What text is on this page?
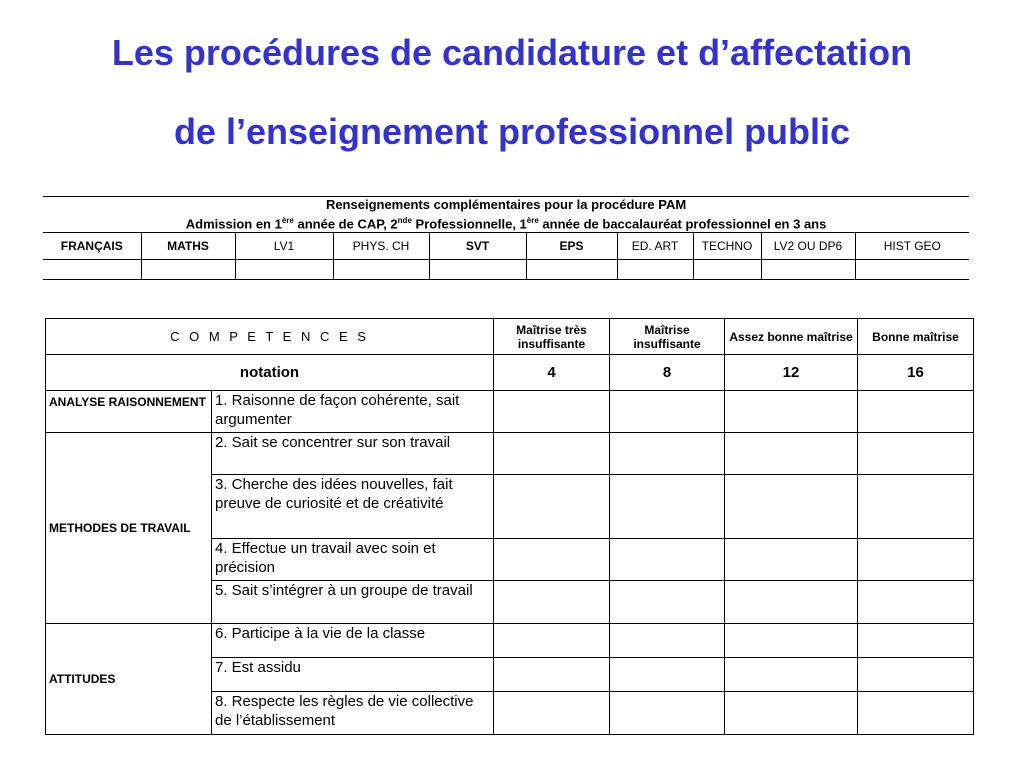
Les procédures de candidature et d’affectation
de l’enseignement professionnel public
Renseignements complémentaires pour la procédure PAM
Admission en 1ère année de CAP, 2nde Professionnelle, 1ère année de baccalauréat professionnel en 3 ans									

FRANÇAIS	MATHS	LV1	PHYS. CH	SVT	EPS	ED. ART	TECHNO	LV2 OU DP6	HIST GEO

C O M P E T E N C E S		Maîtrise très insuffisante	Maîtrise insuffisante	Assez bonne maîtrise	Bonne maîtrise
notation		4	8	12	16
ANALYSE RAISONNEMENT	1. Raisonne de façon cohérente, sait argumenter				
METHODES DE TRAVAIL	2. Sait se concentrer sur son travail				
	3. Cherche des idées nouvelles, fait preuve de curiosité et de créativité				
	4. Effectue un travail avec soin et précision				
	5. Sait s’intégrer à un groupe de travail				
ATTITUDES	6. Participe à la vie de la classe				
	7. Est assidu				
	8. Respecte les règles de vie collective de l’établissement				
